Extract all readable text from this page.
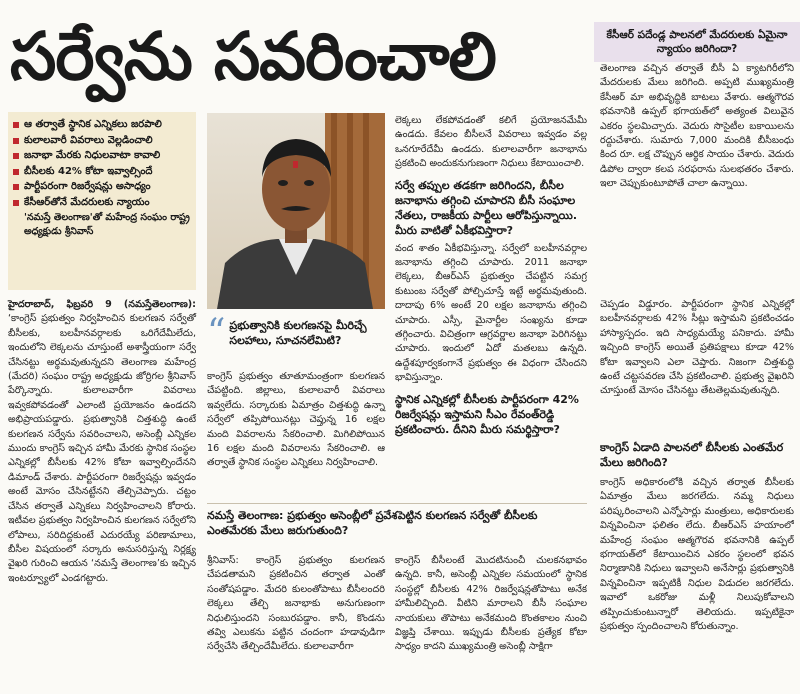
సర్వేను సవరించాలి
ఆ తర్వాతే స్థానిక ఎన్నికలు జరపాలి
కులాలవారీ వివరాలు వెల్లడించాలి
జనాభా మేరకు నిధులవాటా కావాలి
బీసీలకు 42% కోటా ఇవ్వాల్సిందే
పార్టీపరంగా రిజర్వేషన్లు అసాధ్యం
కేసీఆర్‌తోనే మేదరులకు న్యాయం
'నమస్తే తెలంగాణ'తో మహేంద్ర సంఘం రాష్ట్ర అధ్యక్షుడు శ్రీనివాస్
“ ప్రభుత్వానికి కులగణనపై మీరిచ్చే సలహాలు, సూచనలేమిటి?

హైదరాబాద్, ఫిబ్రవరి 9 (నమస్తేతెలంగాణ): ‘కాంగ్రెస్ ప్రభుత్వం నిర్వహించిన కులగణన సర్వేతో బీసీలకు, బలహీనవర్గాలకు ఒరిగేదేమీలేదు, ఇందులోని లెక్కలను చూస్తుంటే అశాస్త్రీయంగా సర్వే చేసినట్టు అర్థమవుతున్నదని తెలంగాణ మహేంద్ర (మేదరి) సంఘం రాష్ట్ర అధ్యక్షుడు జోర్రిగల శ్రీనివాస్ పేర్కొన్నారు. కులాలవారీగా వివరాలు ఇవ్వకపోవడంతో ఎలాంటి ప్రయోజనం ఉండదని అభిప్రాయపడ్డారు. ప్రభుత్వానికి చిత్తశుద్ధి ఉంటే కులగణన సర్వేను సవరించాలని, అసెంబ్లీ ఎన్నికల ముందు కాంగ్రెస్ ఇచ్చిన హామీ మేరకు స్థానిక సంస్థల ఎన్నికల్లో బీసీలకు 42% కోటా ఇవ్వాల్సిందేనని డిమాండ్ చేశారు. పార్టీపరంగా రిజర్వేషన్లు ఇవ్వడం అంటే మోసం చేసినట్టేనని తేల్చిచెప్పారు. చట్టం చేసిన తర్వాతే ఎన్నికలు నిర్వహించాలని కోరారు. ఇటీవల ప్రభుత్వం నిర్వహించిన కులగణన సర్వేలోని లోపాలు, సరిదిద్దకుంటే ఎదురయ్యే పరిణామాలు, బీసీల విషయంలో సర్కారు అనుసరిస్తున్న నిర్లక్ష్య వైఖరి గురించి ఆయన ‘నమస్తే తెలంగాణ’కు ఇచ్చిన ఇంటర్వ్యూలో ఎండగట్టారు.

కాంగ్రెస్ ప్రభుత్వం తూతూమంత్రంగా కులగణన చేపట్టింది. జిల్లాలు, కులాలవారీ వివరాలు ఇవ్వలేదు. సర్కారుకు ఏమాత్రం చిత్తశుద్ధి ఉన్నా సర్వేలో తప్పిపోయినట్లు చెప్తున్న 16 లక్షల మంది వివరాలను సేకరించాలి. మిగిలిపోయిన 16 లక్షల మంది వివరాలను సేకరించాలి. ఆ తర్వాతే స్థానిక సంస్థల ఎన్నికలు నిర్వహించాలి.

నమస్తే తెలంగాణ: ప్రభుత్వం అసెంబ్లీలో ప్రవేశపెట్టిన కులగణన సర్వేతో బీసీలకు ఎంతమేరకు మేలు జరుగుతుంది?

శ్రీనివాస్: కాంగ్రెస్ ప్రభుత్వం కులగణన చేపడతామని ప్రకటించిన తర్వాత ఎంతో సంతోషపడ్డాం. మేదరి కులంతోపాటు బీసీలందరి లెక్కలు తేల్చి జనాభాకు అనుగుణంగా నిధులిస్తుందని సంబురపడ్డాం. కానీ, కొండను తవ్వి ఎలుకను పట్టిన చందంగా హడావుడిగా సర్వేచేసి తేల్చిందేమీలేదు. కులాలవారీగా

లెక్కలు లేకపోవడంతో కలిగే ప్రయోజనమేమీ ఉండదు. కేవలం బీసీలనే వివరాలు ఇవ్వడం వల్ల ఒనగూరేదేమీ ఉండదు. కులాలవారీగా జనాభాను ప్రకటించి అందుకనుగుణంగా నిధులు కేటాయించాలి.

సర్వే తప్పుల తడకగా జరిగిందని, బీసీల జనాభాను తగ్గించి చూపారని బీసీ సంఘాల నేతలు, రాజకీయ పార్టీలు ఆరోపిస్తున్నాయి. మీరు వాటితో ఏకీభవిస్తారా?

వంద శాతం ఏకీభవిస్తున్నా. సర్వేలో బలహీనవర్గాల జనాభాను తగ్గించి చూపారు. 2011 జనాభా లెక్కలు, బీఆర్‌ఎస్ ప్రభుత్వం చేపట్టిన సమగ్ర కుటుంబ సర్వేతో పోల్చిచూస్తే ఇట్టే అర్థమవుతుంది. దాదాపు 6% అంటే 20 లక్షల జనాభాను తగ్గించి చూపారు. ఎస్సీ, మైనార్టీల సంఖ్యను కూడా తగ్గించారు. విచిత్రంగా ఆగ్రవర్ణాల జనాభా పెరిగినట్టు చూపారు. ఇందులో ఏదో మతలబు ఉన్నది. ఉద్దేశపూర్వకంగానే ప్రభుత్వం ఈ విధంగా చేసిందని భావిస్తున్నాం.

స్థానిక ఎన్నికల్లో బీసీలకు పార్టీపరంగా 42% రిజర్వేషన్లు ఇస్తామని సీఎం రేవంత్‌రెడ్డి ప్రకటించారు. దీనిని మీరు సమర్థిస్తారా?

కాంగ్రెస్ బీసీలంటే మొదటినుంచీ చులకనభావం ఉన్నది. కానీ, అసెంబ్లీ ఎన్నికల సమయంలో స్థానిక సంస్థల్లో బీసీలకు 42% రిజర్వేషన్లతోపాటు అనేక హామీలిచ్చింది. వీటిని మారాలని బీసీ సంఘాల నాయకులు తొపాటు అనేకమంది కొంతకాలం నుంచి విజ్ఞప్తి చేశాయి. ఇప్పుడు బీసీలకు ప్రత్యేక కోటా సాధ్యం కాదని ముఖ్యమంత్రి అసెంబ్లీ సాక్షిగా

కేసీఆర్ పదేండ్ల పాలనలో మేదరులకు ఏమైనా న్యాయం జరిగిందా?

తెలంగాణ వచ్చిన తర్వాతే బీసీ ఏ క్యాటగిరీలోని మేదరులకు మేలు జరిగింది. అప్పటి ముఖ్యమంత్రి కేసీఆర్ మా అభివృద్ధికి బాటలు వేశారు. ఆత్మగౌరవ భవనానికి ఉప్పల్ భగాయత్‌లో అత్యంత విలువైన ఎకరం స్థలమిచ్చారు. వెదురు సొసైటీల బకాయిలను రద్దుచేశారు. సుమారు 7,000 మందికి బీసీబంధు కింద రూ. లక్ష చొప్పున ఆర్థిక సాయం చేశారు. వెదురు డిపోల ద్వారా కలప సరఫరాను సులభతరం చేశారు. ఇలా చెప్పుకుంటూపోతే చాలా ఉన్నాయి.

చెప్పడం విడ్డూరం. పార్టీపరంగా స్థానిక ఎన్నికల్లో బలహీనవర్గాలకు 42% సీట్లు ఇస్తామని ప్రకటించడం హాస్యాస్పదం. ఇది సాధ్యమయ్యే పనికాదు. హామీ ఇచ్చింది కాంగ్రెస్ అయితే ప్రతిపక్షాలు కూడా 42% కోటా ఇవ్వాలని ఎలా చెప్తారు. నిజంగా చిత్తశుద్ధి ఉంటే చట్టసవరణ చేసి ప్రకటించాలి. ప్రభుత్వ వైఖరిని చూస్తుంటే మోసం చేసినట్టు తేటతెల్లమవుతున్నది.

కాంగ్రెస్ ఏడాది పాలనలో బీసీలకు ఎంతమేర మేలు జరిగింది?

కాంగ్రెస్ అధికారంలోకి వచ్చిన తర్వాత బీసీలకు ఏమాత్రం మేలు జరగలేదు. నమ్మ నిధులు పరిష్కరించాలని ఎన్నోసార్లు మంత్రులు, అధికారులకు విన్నవించినా ఫలితం లేదు. బీఆర్‌ఎస్ హయాంలో మహేంద్ర సంఘం ఆత్మగౌరవ భవనానికి ఉప్పల్ భగాయత్‌లో కేటాయించిన ఎకరం స్థలంలో భవన నిర్మాణానికి నిధులు ఇవ్వాలని అనేసార్లు ప్రభుత్వానికి విన్నవించినా ఇప్పటికీ నిధుల విడుదల జరగలేదు. ఇవాలో ఒకరోజు మళ్లీ నిలుపుకోవాలని తప్పించుకుంటున్నారో తెలియదు. ఇప్పటికైనా ప్రభుత్వం స్పందించాలని కోరుతున్నాం.
